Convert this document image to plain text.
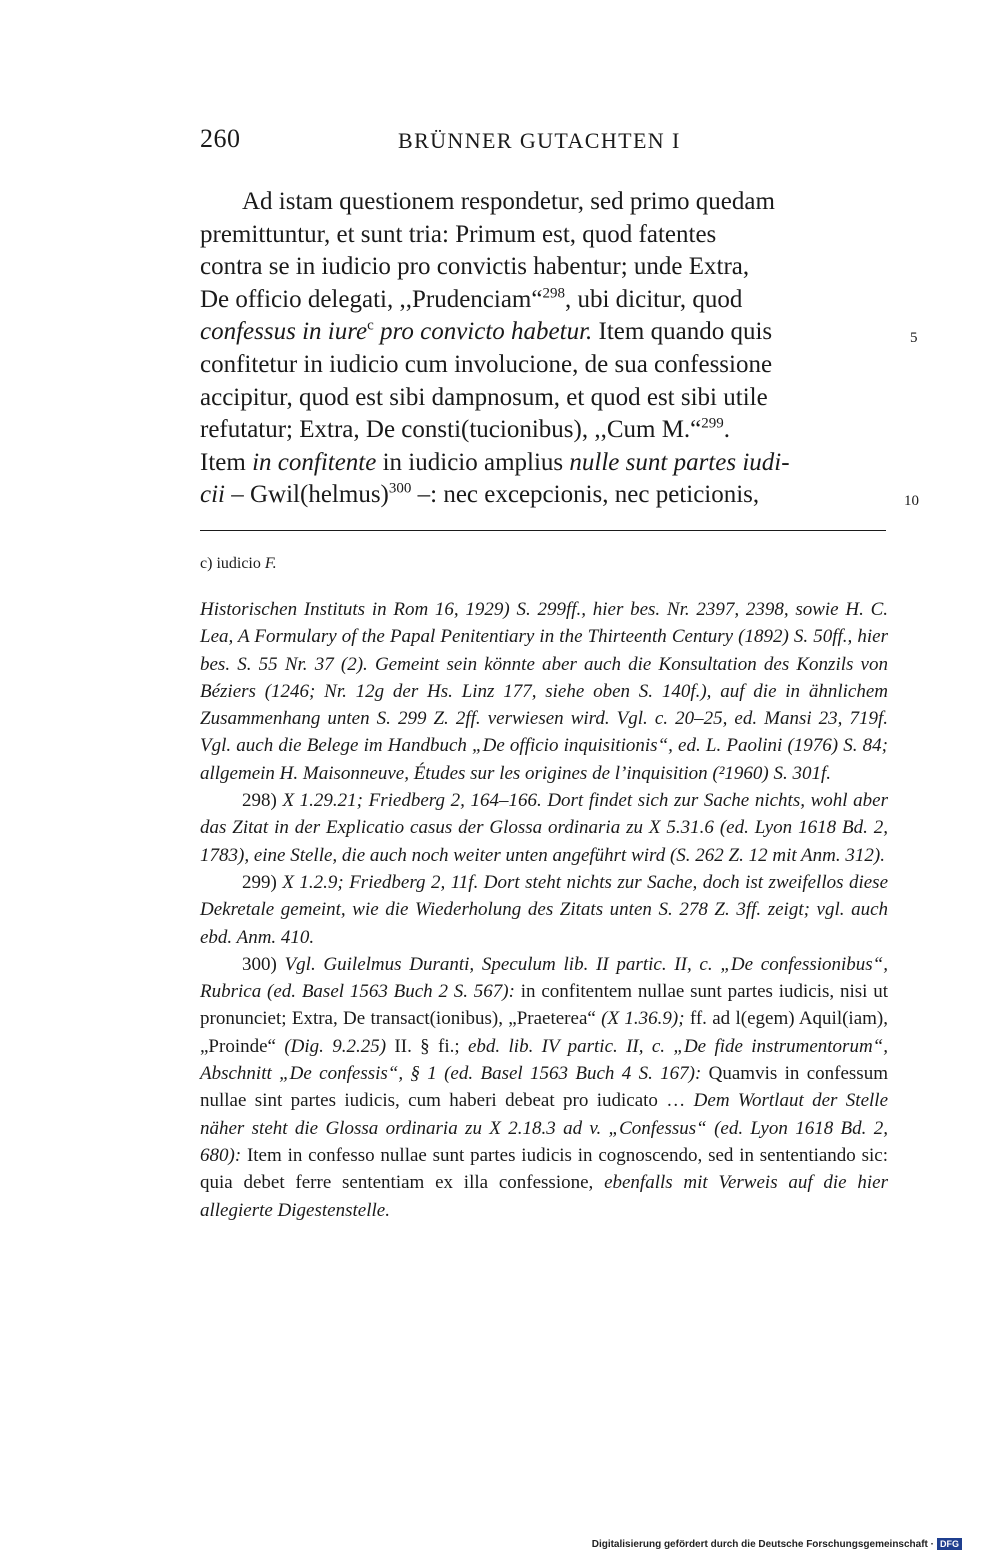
260	BRÜNNER GUTACHTEN I
Ad istam questionem respondetur, sed primo quedam
premittuntur, et sunt tria: Primum est, quod fatentes
contra se in iudicio pro convictis habentur; unde Extra,
De officio delegati, ,,Prudenciam“$^{298}$, ubi dicitur, quod
confessus in iure$^c$ pro convicto habetur. Item quando quis	5
confitetur in iudicio cum involucione, de sua confessione
accipitur, quod est sibi dampnosum, et quod est sibi utile
refutatur; Extra, De consti(tucionibus), ,,Cum M.“$^{299}$.
Item in confitente in iudicio amplius nulle sunt partes iudi-
cii – Gwil(helmus)$^{300}$ –: nec excepcionis, nec peticionis,	10
c) iudicio F.

Historischen Instituts in Rom 16, 1929) S. 299ff., hier bes. Nr. 2397, 2398, sowie H. C. Lea, A Formulary of the Papal Penitentiary in the Thirteenth Century (1892) S. 50ff., hier bes. S. 55 Nr. 37 (2). Gemeint sein könnte aber auch die Konsultation des Konzils von Béziers (1246; Nr. 12g der Hs. Linz 177, siehe oben S. 140f.), auf die in ähnlichem Zusammenhang unten S. 299 Z. 2ff. verwiesen wird. Vgl. c. 20–25, ed. Mansi 23, 719f. Vgl. auch die Belege im Handbuch „De officio inquisitionis“, ed. L. Paolini (1976) S. 84; allgemein H. Maisonneuve, Études sur les origines de l’inquisition (²1960) S. 301f.

298) X 1.29.21; Friedberg 2, 164–166. Dort findet sich zur Sache nichts, wohl aber das Zitat in der Explicatio casus der Glossa ordinaria zu X 5.31.6 (ed. Lyon 1618 Bd. 2, 1783), eine Stelle, die auch noch weiter unten angeführt wird (S. 262 Z. 12 mit Anm. 312).

299) X 1.2.9; Friedberg 2, 11f. Dort steht nichts zur Sache, doch ist zweifellos diese Dekretale gemeint, wie die Wiederholung des Zitats unten S. 278 Z. 3ff. zeigt; vgl. auch ebd. Anm. 410.

300) Vgl. Guilelmus Duranti, Speculum lib. II partic. II, c. „De confessionibus“, Rubrica (ed. Basel 1563 Buch 2 S. 567): in confitentem nullae sunt partes iudicis, nisi ut pronunciet; Extra, De transact(ionibus), „Praeterea“ (X 1.36.9); ff. ad l(egem) Aquil(iam), „Proinde“ (Dig. 9.2.25) II. § fi.; ebd. lib. IV partic. II, c. „De fide instrumentorum“, Abschnitt „De confessis“, § 1 (ed. Basel 1563 Buch 4 S. 167): Quamvis in confessum nullae sint partes iudicis, cum haberi debeat pro iudicato … Dem Wortlaut der Stelle näher steht die Glossa ordinaria zu X 2.18.3 ad v. „Confessus“ (ed. Lyon 1618 Bd. 2, 680): Item in confesso nullae sunt partes iudicis in cognoscendo, sed in sententiando sic: quia debet ferre sententiam ex illa confessione, ebenfalls mit Verweis auf die hier allegierte Digestenstelle.

Digitalisierung gefördert durch die Deutsche Forschungsgemeinschaft · DFG
